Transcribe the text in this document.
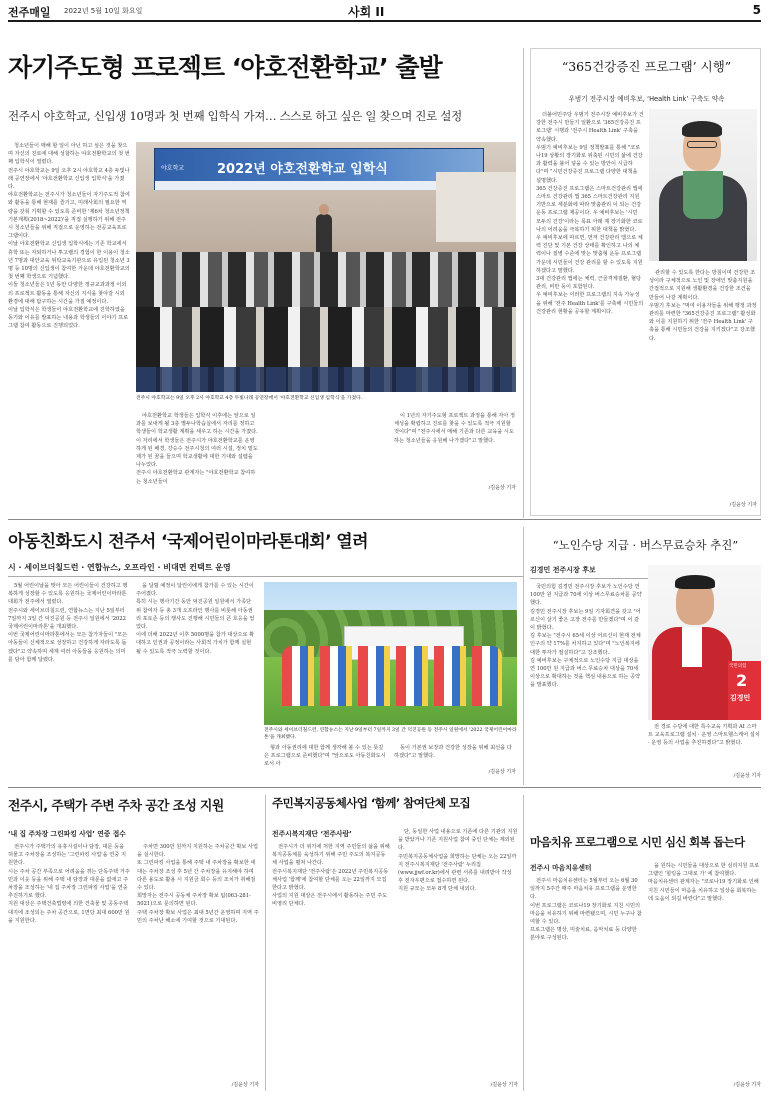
전주매일 2022년 5월 10일 화요일	사회 II	5
자기주도형 프로젝트 ‘야호전환학교’ 출발
전주시 야호학교, 신입생 10명과 첫 번째 입학식 가져… 스스로 하고 싶은 일 찾으며 진로 설정
청소년들이 매해 할 일이 아닌 하고 싶은 것을 찾으며 자신의 진로에 대해 성찰하는 야호전환학교의 첫 번째 입학식이 열렸다.
전주시 야호학교는 9일 오후 2시 야호학교 4층 두빛나래 공연장에서 '야호전환학교 신입생 입학식'을 가졌다.
야호전환학교는 전주시가 청소년들이 자기주도적 참여와 활동을 통해 현재를 즐기고, 미래사회의 필요한 역량을 갖춰 기획할 수 있도록 준비한 '제6차 청소년정책 기본계획(2018~2022)'을 직접 실행하기 위해 전주시 청소년들을 위해 직접으로 운영하는 전공교육프로그램이다.
이날 야호전환학교 신입생 입학식에는 기존 학교에서 휴학 또는 자퇴하거나 투고렐의 경험이 한 이용이 청소년 7명과 대안교육 위탁교육기관으로 유입된 청소년 3명 등 10명의 신입생이 참여한 가운데 야호전환학교의 첫 번째 학생으로 기념했다.
이들 청소년들은 1년 동안 다양한 정규교과과정 이외의 프로젝트 활동을 통해 자신의 지식을 찾아갈 시외 환경에 대해 탐구하는 시간을 가질 예정이다.
이날 입학식은 학생들이 야호전환학교에 진학하였을 동기와 이유를 발표하는 내용과 학생들의 이야기 프로그램 참여 활동으로 진행되었다.
야호학교	2022년 야호전환학교 입학식
전주시 야호학교는 9일 오후 2시 야호학교 4층 두빛나래 공연장에서 '야호전환학교 신입생 입학식'을 가졌다.
야호전환학교 학생들은 입학식 이후에는 앞으로 일과를 보내게 될 3층 별두나학습실에서 자리를 정하고 학생들이 학교생활 계획을 세우고 하는 시간을 가졌다.
이 자리에서 학생들은 전주시가 야호전환학교를 운영하게 된 배경, 강승수 전주시청의 여러 시설, 정치 밑도 제가 된 꿈을 들으며 학교생활에 대한 기대와 설렘을 나누었다.
전주시 야호전환학교 관계자는 "야호전환학교 참여하는 청소년들이
이 1년의 자기주도형 프로젝트 과정을 통해 자아 정체성을 확립하고 진로를 찾을 수 있도록 적극 지원할 것이다"며 "전주시에서 매해 기존과 다른 교육을 시도하는 청소년들을 응원해 나가겠다"고 말했다.
/김윤상 기자
“365건강증진 프로그램’ 시행”
우범기 전주시장 예비후보, ‘Health Link’ 구축도 약속
더불어민주당 우범기 전주시장 예비후보가 건강한 전주시 만들기 일환으로 '365건강증진 프로그램' 시행과 '전주시 Health Link' 구축을 약속했다.
우범기 예비후보는 9일 정책발표를 통해 "코로나19 상황의 장기화로 위축된 시민의 삶에 건강과 활력을 불어 넣을 수 있는 방안이 시급하다"며 "시민건강증진 프로그램 다양한 대책을 설명했다.
365 건강증진 프로그램은 스마트건강관리 앱에 스마트 건강관리 앱 365 스마트건강관리 지원 기반으로 세분화에 따라 맞춤관리 이 되는 건강 운동 프로그램 제공이다. 우 예비후보는 '시민 모두의 건강'이라는 목표 아래 제 장기화한 코로나의 어려움을 극복하기 위한 대책을 밝혔다.
우 예비후보에 따르면, 먼저 건강관리 앱으로 체력 진단 및 기본 건강 상태를 확인하고 나의 체력이나 질병 수준에 맞는 맞춤형 운동 프로그램 가운데 시민들이 건강 관리를 할 수 있도록 지원하겠다고 말했다.
3대 건강관리 앱에는 체력, 근골격계질환, 혈당관리, 비만 등이 포함된다.
우 예비후보는 이러한 프로그램의 지속 가능성을 위해 '전주 Health Link'를 구축해 시민들의 건강관리 현황을 공유할 계획이다.
관리할 수 있도록 한다는 방침이며 건강한 조성이라 구체적으로 노인 및 장애인 맞춤지원을 간접적으로 지원해 생활환경을 건강한 조건을 만들어 나갈 계획이다.
우범기 후보는 "먹여 이용자들을 위해 행정 과정 관리를 마련한 "365건강증진 프로그램" 활성화와 이를 지원하기 위한 '전주 Health Link' 구축을 통해 시민들의 건강을 지키겠다"고 강조했다.
/김윤상 기자
아동친화도시 전주서 ‘국제어린이마라톤대회’ 열려
시 · 세이브더칠드런 · 연합뉴스, 오프라인 · 비대면 컨택트 운영
5월 어린이날을 맞아 모든 어린이들이 건강하고 행복하게 성장할 수 있도록 응원하는 국제어린이마라톤대회가 전주에서 열렸다.
전주시와 세이브더칠드런, 연합뉴스는 지난 5일부터 7일까지 3일 간 덕진공원 등 전주시 일원에서 '2022 국제어린이마라톤'을 개최했다.
이번 국제어린이마라톤에서는 모든 참가자들이 "모든 아동들이 신체적으로 성장하고 건강하게 자라도록 돕겠다"고 약속하며 세계 여러 아동들을 응원하는 의미를 담아 함께 달렸다.
을 달릴 예정이 달린이에게 참가를 수 있는 시간이 주어졌다.
특히 시는 행사기간 동안 덕진공원 일원에서 가족단위 참여자 등 총 3개 오프라인 행사를 비롯해 아동권리 포토존 등의 행사도 진행해 시민들의 큰 호응을 얻었다.
이에 더해 2022년 이후 5000명을 참가 대상으로 확대하고 인권과 공정이라는 사회적 가치가 함께 실현될 수 있도록 적극 노력할 것이다.
전주시와 세이브더칠드런, 연합뉴스는 지난 9일부터 7일까지 3일 간 덕진공원 등 전주시 일원에서 '2022 국제어린이마라톤'을 개최했다.
형과 아동권리에 대한 함께 생각해 볼 수 있는 뜻깊은 프로그램으로 준비했다"며 "앞으로도 아동친화도시로서 아
동이 기본권 보장과 건강한 성장을 위해 최선을 다하겠다"고 말했다.
/김윤상 기자
“노인수당 지급 · 버스무료승차 추진”
김경민 전주시장 후보
국민의힘 김경민 전주시장 후보가 노인수당 연 100만 원 지급과 70세 이상 버스무료승차를 공약했다.
김경민 전주시장 후보는 9일 기자회견을 갖고 "어르신이 살기 좋은 고장 전주를 만들겠다"며 이 같이 밝혔다.
김 후보는 "전주시 65세 이상 어르신이 현재 전체 인구의 약 17%를 차지하고 있다"며 "노인복지에 대한 투자가 절실하다"고 강조했다.
김 예비후보는 구체적으로 노인수당 지급 대상을 연 100만 원 지급과 버스 무료승차 대상을 70세 이상으로 확대하는 것을 핵심 내용으로 하는 공약을 발표했다.
국민의힘
2
김경민
전 경로 수당에 대한 특수교육 기획과 AI 스마트 교육프로그램 설치 · 운영 스마트헬스케어 설치 · 운영 등의 사업을 추진하겠다"고 밝혔다.
/김윤상 기자
전주시, 주택가 주변 주차 공간 조성 지원
‘내 집 주차장 그린파킹 사업’ 연중 접수
전주시가 주택가의 유휴시설이나 담장, 대문 등을 허물고 주차장을 조성하는 '그린파킹 사업'을 연중 지원한다.
시는 주차 공간 부족으로 어려움을 겪는 단독주택 거주민과 이웃 등을 위해 주택 내 담장과 대문을 없애고 주차장을 조성하는 '내 집 주차장 그린파킹 사업'을 연중 추진하기로 했다.
지원 대상은 주택건축법령에 의한 건축물 및 공동주택 대지에 조성되는 주차 공간으로, 1면당 최대 600만 원을 지원한다.
주차면 300만 원까지 지원하는 주차공간 확보 사업을 실시한다.
또 그린파킹 사업을 통해 주택 내 주차장을 확보한 세대는 주차장 조성 후 5년 간 주차장을 유지해야 하며 다른 용도로 활용 시 지원금 회수 등의 조치가 취해질 수 있다.
희망자는 전주시 공동체 주차장 확보 팀(063-281-5021)으로 문의하면 된다.
주택 주차장 확보 사업은 최대 5년간 운영하며 지역 주민의 주차난 해소에 기여할 것으로 기대된다.
/김윤상 기자
주민복지공동체사업 ‘함께’ 참여단체 모집
전주시복지재단 ‘전주사람’
전주시가 더 위기에 처한 지역 주민들의 삶을 위해 복지공동체를 육성하기 위해 주민 주도의 복지공동체 사업을 펼쳐 나간다.
전주시복지재단 '전주사람'은 2022년 주민복지공동체사업 '함께'에 참여할 단체를 오는 22일까지 모집한다고 밝혔다.
사업의 지원 대상은 전주시에서 활동하는 주민 주도 비영리 단체다.
단, 동일한 사업 내용으로 기존에 다른 기관의 지원을 받았거나 기존 지원사업 참여 중인 단체는 제외된다.
주민복지공동체사업을 희망하는 단체는 오는 22일까지 전주시복지재단 '전주사람' 누리집(www.jjwf.or.kr)에서 관련 서류를 내려받아 작성 후 전자우편으로 접수하면 된다.
지원 규모는 모두 8개 단체 내외다.
/김윤상 기자
마음치유 프로그램으로 시민 심신 회복 돕는다
전주시 마음치유센터
전주시 마음치유센터는 5월부터 오는 6월 30일까지 5주간 매주 마음치유 프로그램을 운영한다.
이번 프로그램은 코로나19 장기화로 지친 시민의 마음을 치유하기 위해 마련됐으며, 시민 누구나 참여할 수 있다.
프로그램은 명상, 미술치료, 음악치료 등 다양한 분야로 구성된다.
을 원하는 시민들을 대상으로 한 심리지원 프로그램인 '힐링을 그대로 가' 에 참여했다.
마음치유센터 관계자는 "코로나19 장기화로 인해 지친 시민들이 마음을 치유하고 일상을 회복하는 데 도움이 되길 바란다"고 말했다.
/김윤상 기자
